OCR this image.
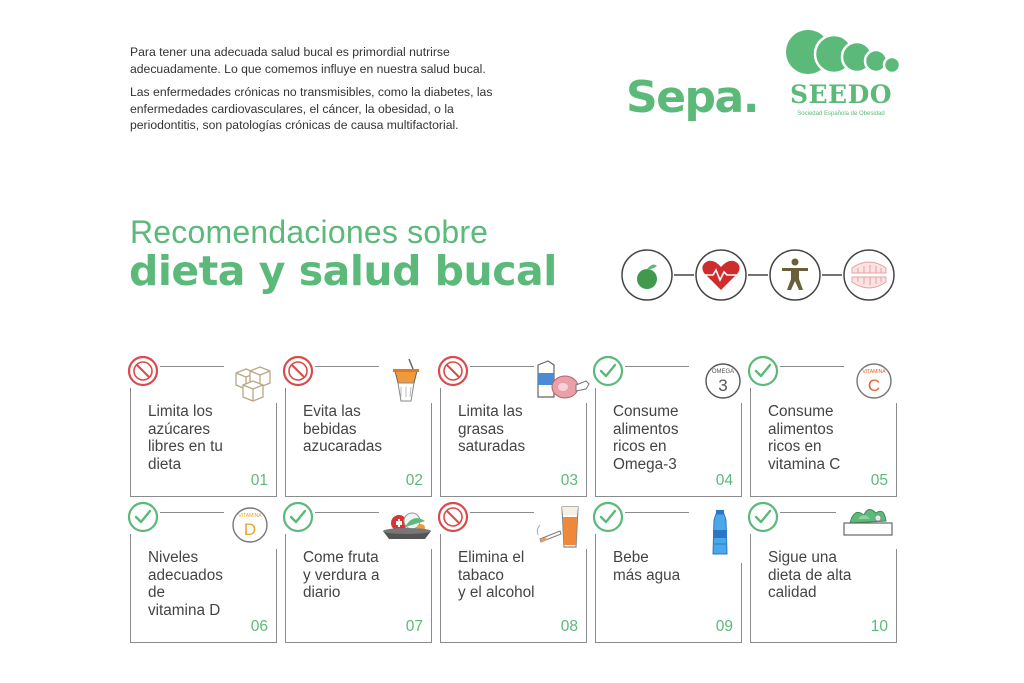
Para tener una adecuada salud bucal es primordial nutrirse adecuadamente. Lo que comemos influye en nuestra salud bucal.

Las enfermedades crónicas no transmisibles, como la diabetes, las enfermedades cardiovasculares, el cáncer, la obesidad, o la periodontitis, son patologías crónicas de causa multifactorial.

Sepa.	SEEDO
Sociedad Española de Obesidad
Recomendaciones sobre
dieta y salud bucal
Limita los
azúcares
libres en tu
dieta
01
Evita las
bebidas
azucaradas
02
Limita las
grasas
saturadas
03
OMEGA
3
Consume
alimentos
ricos en
Omega-3
04
VITAMINA
C
Consume
alimentos
ricos en
vitamina C
05
VITAMINA
D
Niveles
adecuados
de
vitamina D
06
Come fruta
y verdura a
diario
07
Elimina el
tabaco
y el alcohol
08
Bebe
más agua
09
Sigue una
dieta de alta
calidad
10
